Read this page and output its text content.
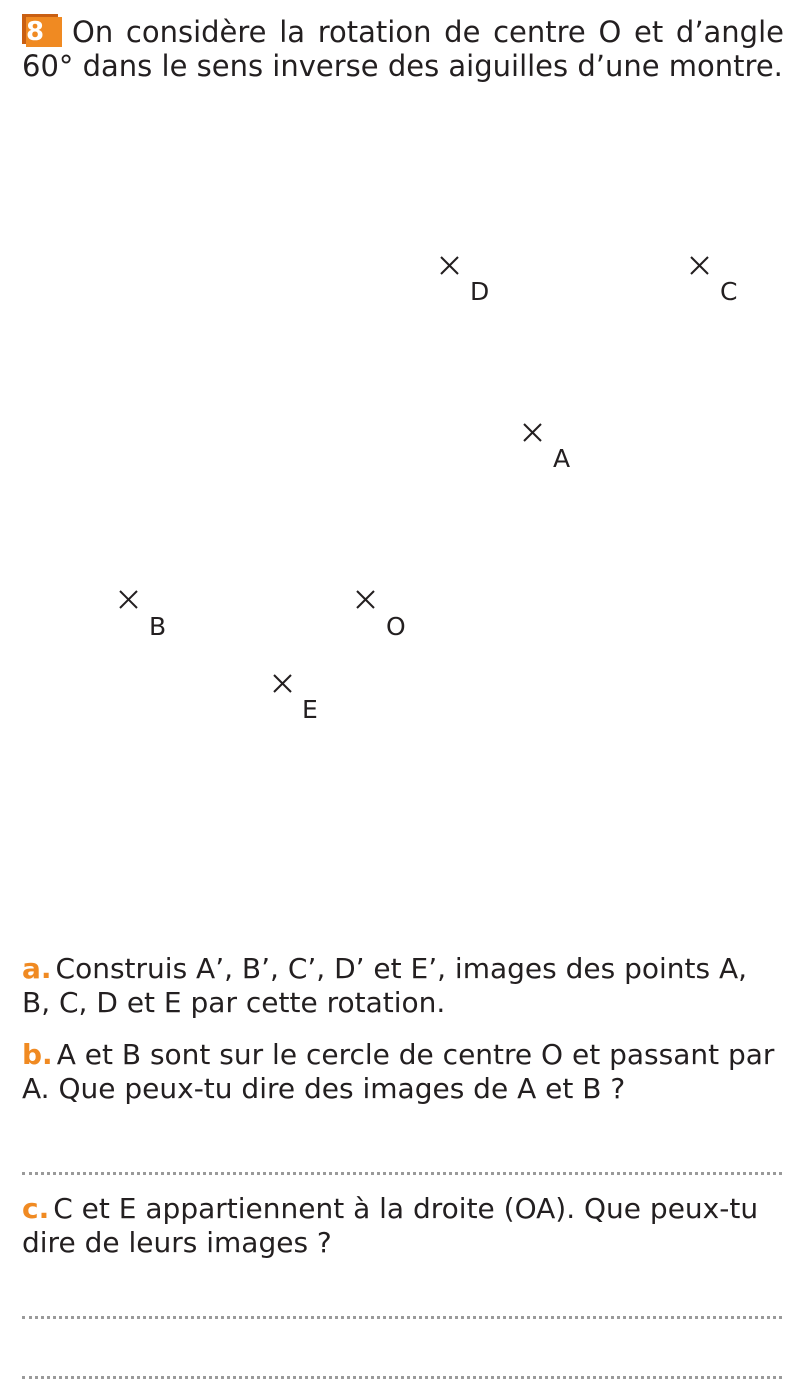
8 On considère la rotation de centre O et d’angle 60° dans le sens inverse des aiguilles d’une montre.

D	C
A
B	O
E

a. Construis A’, B’, C’, D’ et E’, images des points A, B, C, D et E par cette rotation.

b. A et B sont sur le cercle de centre O et passant par A. Que peux-tu dire des images de A et B ?

c. C et E appartiennent à la droite (OA). Que peux-tu dire de leurs images ?
